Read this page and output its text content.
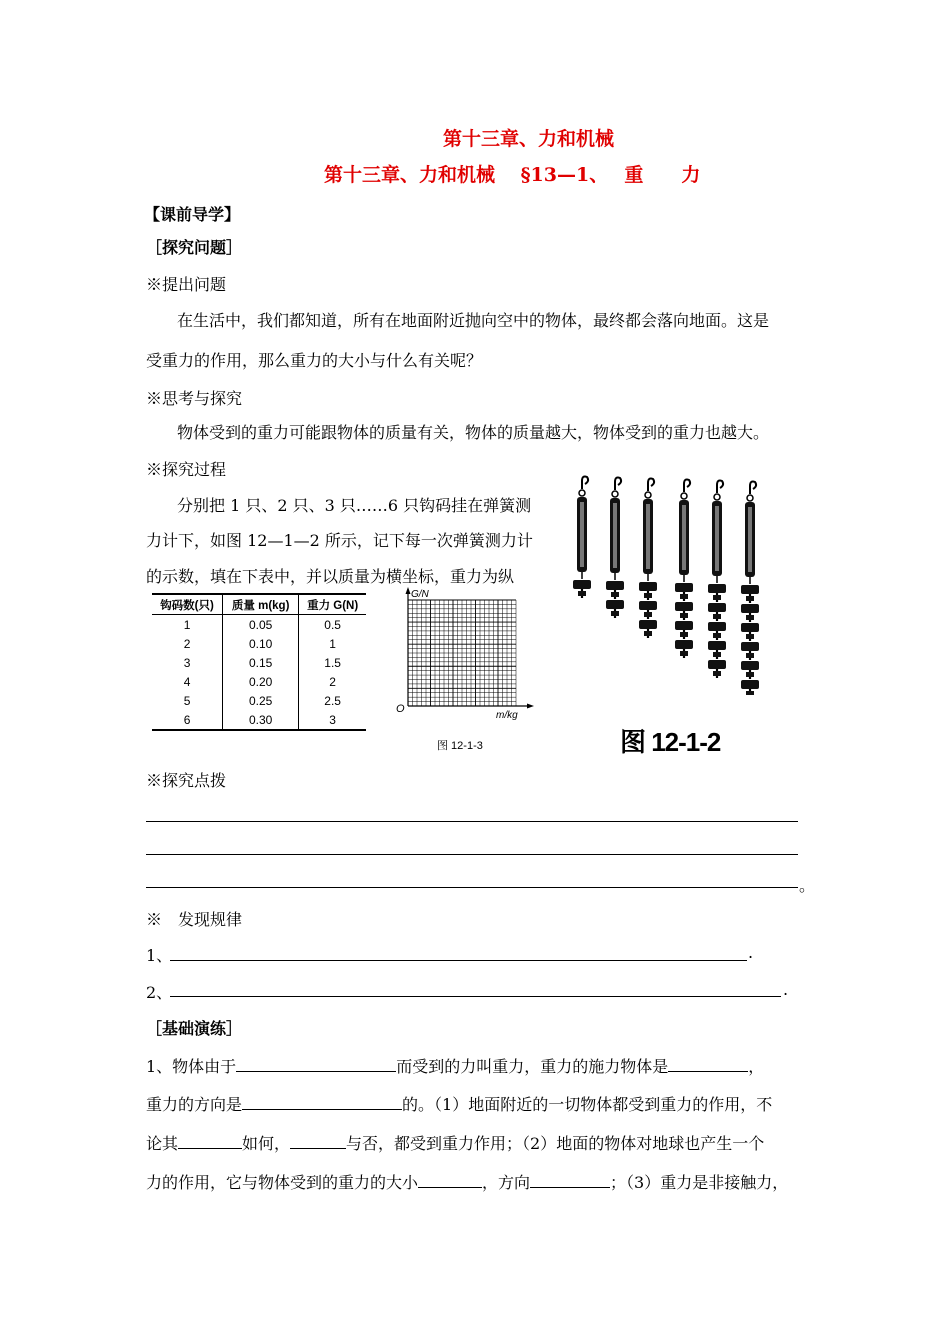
第十三章、力和机械
第十三章、力和机械　 §13—1、　 重　　力
【课前导学】
［探究问题］
※提出问题
在生活中，我们都知道，所有在地面附近抛向空中的物体，最终都会落向地面。这是
受重力的作用，那么重力的大小与什么有关呢？
※思考与探究
物体受到的重力可能跟物体的质量有关，物体的质量越大，物体受到的重力也越大。
※探究过程
分别把 1 只、2 只、3 只……6 只钩码挂在弹簧测
力计下，如图 12—1—2 所示，记下每一次弹簧测力计
的示数，填在下表中，并以质量为横坐标，重力为纵
钩码数(只)	质量 m(kg)	重力 G(N)
1	0.05	0.5
2	0.10	1
3	0.15	1.5
4	0.20	2
5	0.25	2.5
6	0.30	3
G/N
m/kg
O
图 12-1-3	图 12-1-2
※探究点拨
。
※　发现规律
1、	.
2、	.
［基础演练］
1、物体由于	而受到的力叫重力，重力的施力物体是	，
重力的方向是	的。（1）地面附近的一切物体都受到重力的作用，不
论其	如何，	与否，都受到重力作用；（2）地面的物体对地球也产生一个
力的作用，它与物体受到的重力的大小	，方向	；（3）重力是非接触力，
